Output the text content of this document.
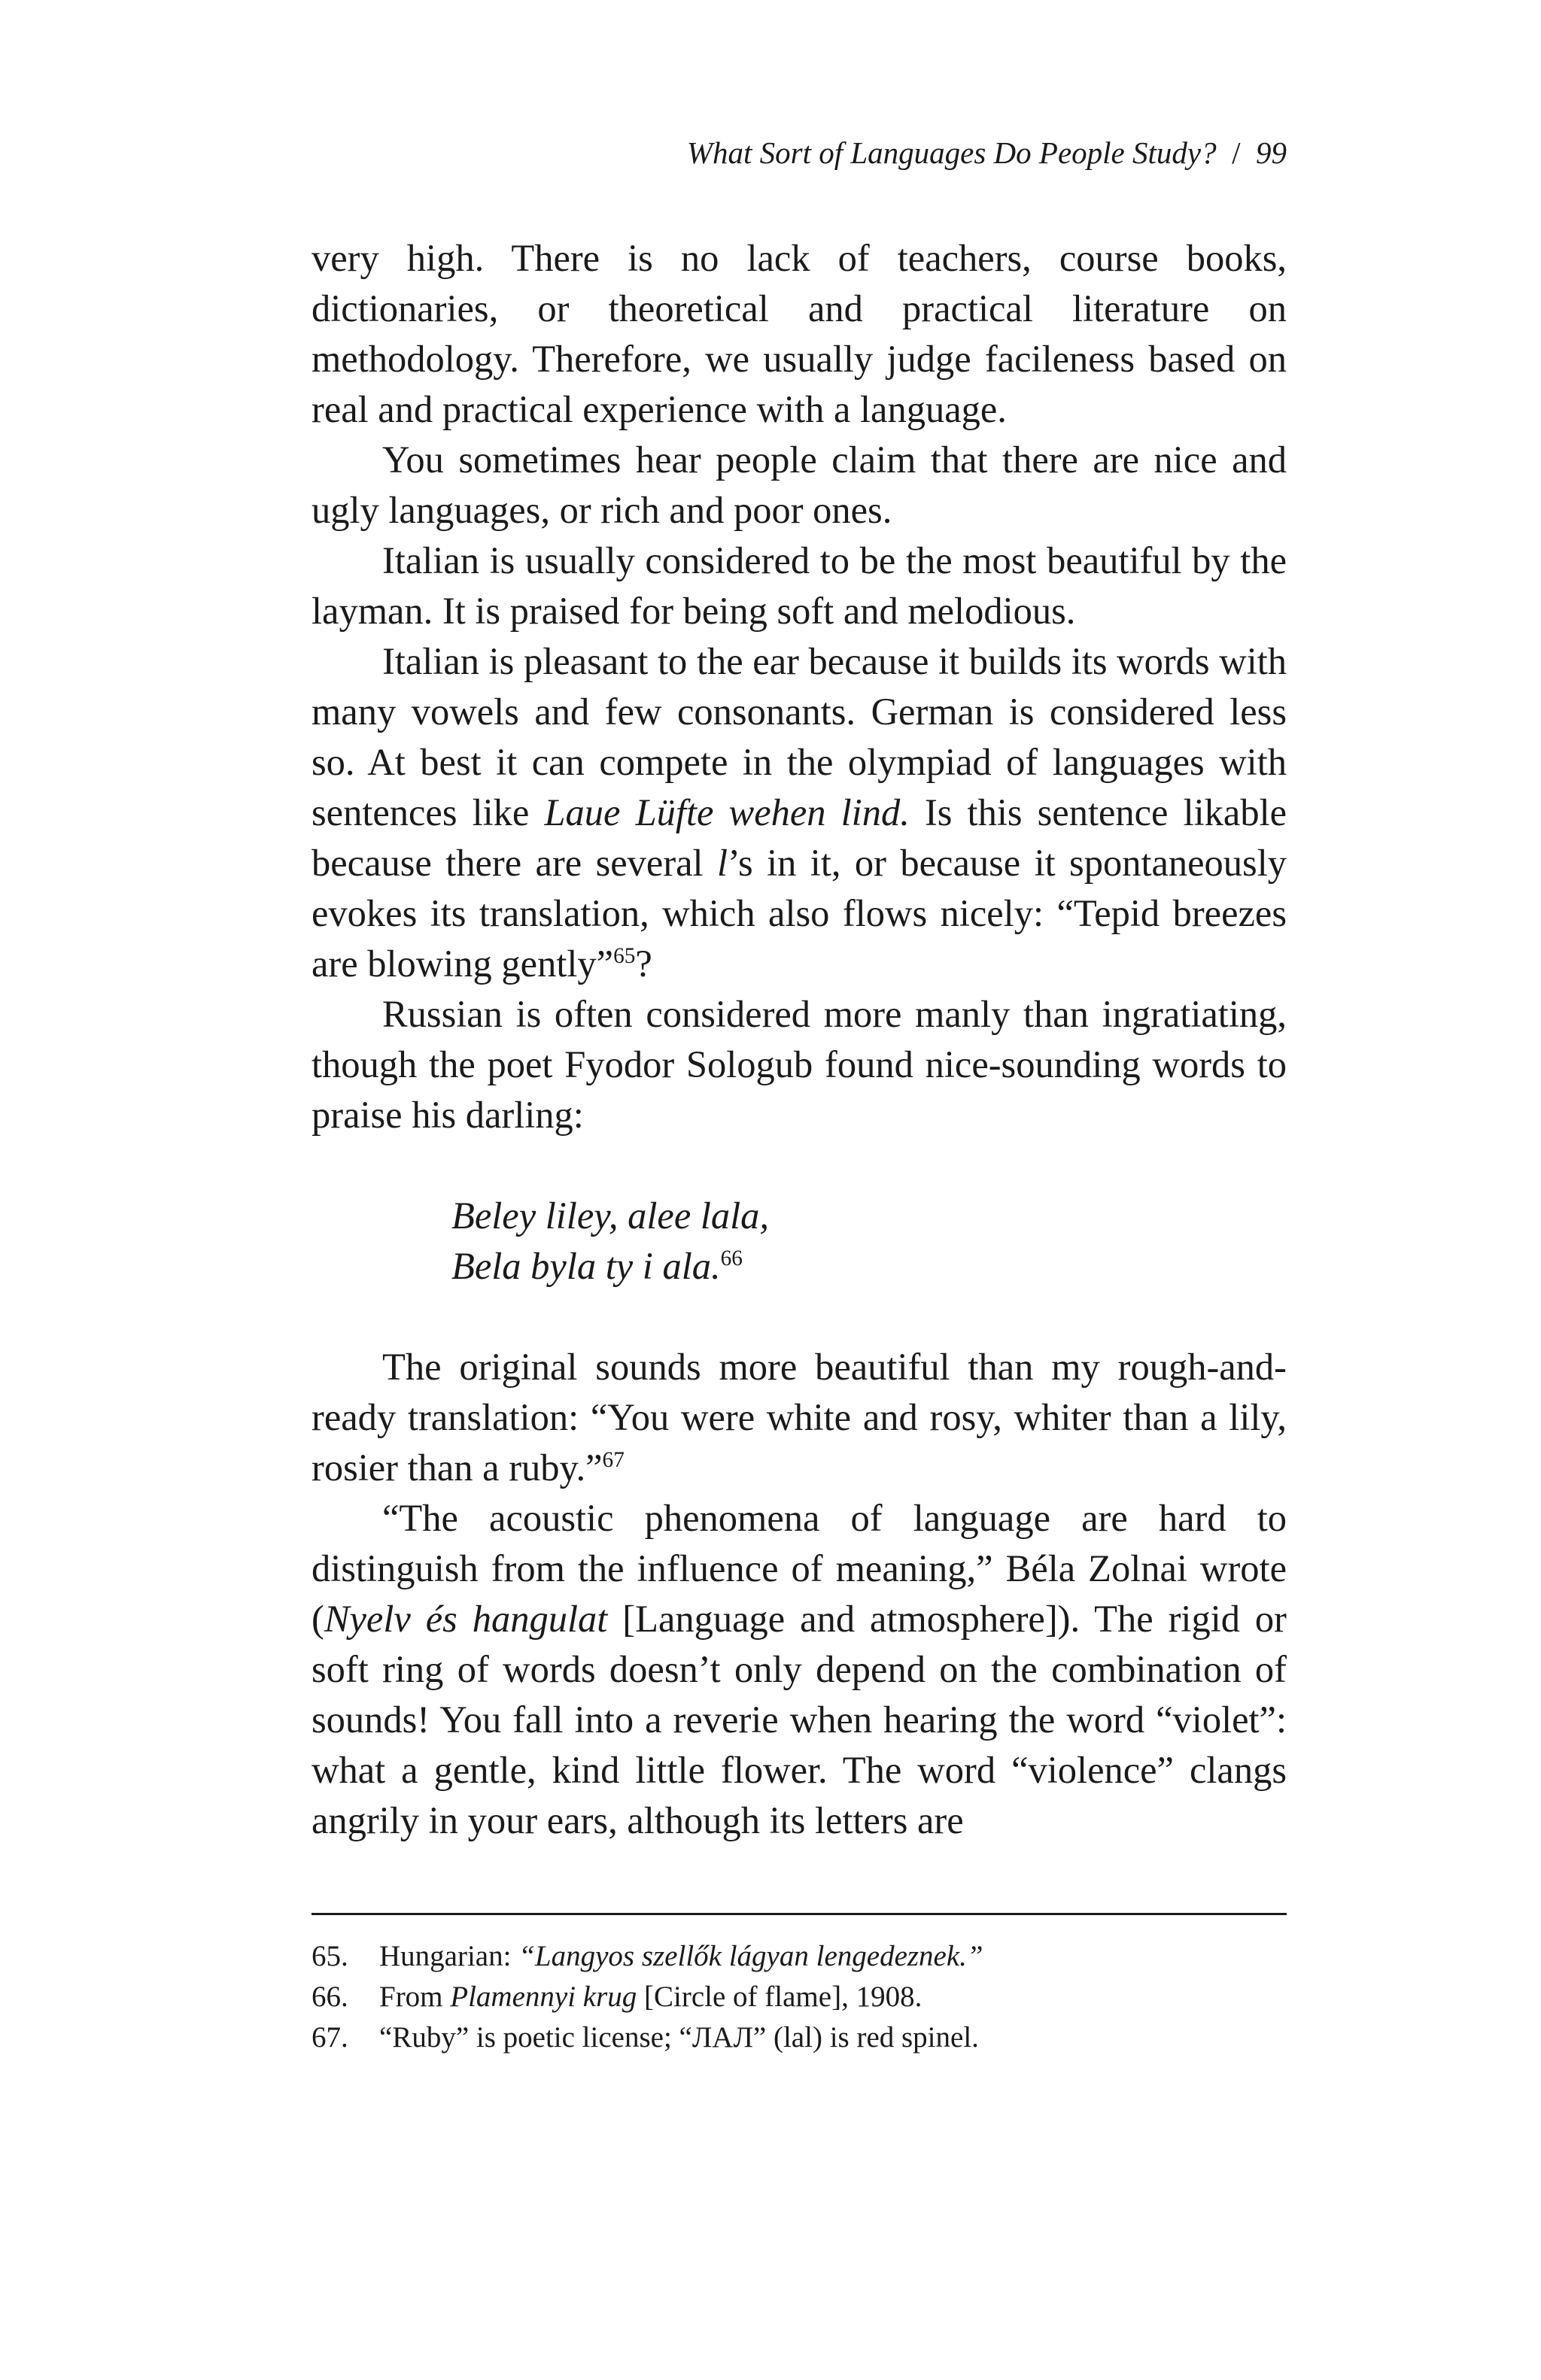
What Sort of Languages Do People Study? / 99

very high. There is no lack of teachers, course books, dictionaries, or theoretical and practical literature on methodology. Therefore, we usually judge facileness based on real and practical experience with a language.

You sometimes hear people claim that there are nice and ugly languages, or rich and poor ones.

Italian is usually considered to be the most beautiful by the layman. It is praised for being soft and melodious.

Italian is pleasant to the ear because it builds its words with many vowels and few consonants. German is considered less so. At best it can compete in the olympiad of languages with sentences like Laue Lüfte wehen lind. Is this sentence likable because there are several l’s in it, or because it spontaneously evokes its translation, which also flows nicely: “Tepid breezes are blowing gently”$^{65}$?

Russian is often considered more manly than ingratiating, though the poet Fyodor Sologub found nice-sounding words to praise his darling:

Beley liley, alee lala,
Bela byla ty i ala.$^{66}$

The original sounds more beautiful than my rough-and-ready translation: “You were white and rosy, whiter than a lily, rosier than a ruby.”$^{67}$

“The acoustic phenomena of language are hard to distinguish from the influence of meaning,” Béla Zolnai wrote (Nyelv és hangulat [Language and atmosphere]). The rigid or soft ring of words doesn’t only depend on the combination of sounds! You fall into a reverie when hearing the word “violet”: what a gentle, kind little flower. The word “violence” clangs angrily in your ears, although its letters are

65. Hungarian: “Langyos szellők lágyan lengedeznek.”
66. From Plamennyi krug [Circle of flame], 1908.
67. “Ruby” is poetic license; “ЛАЛ” (lal) is red spinel.
